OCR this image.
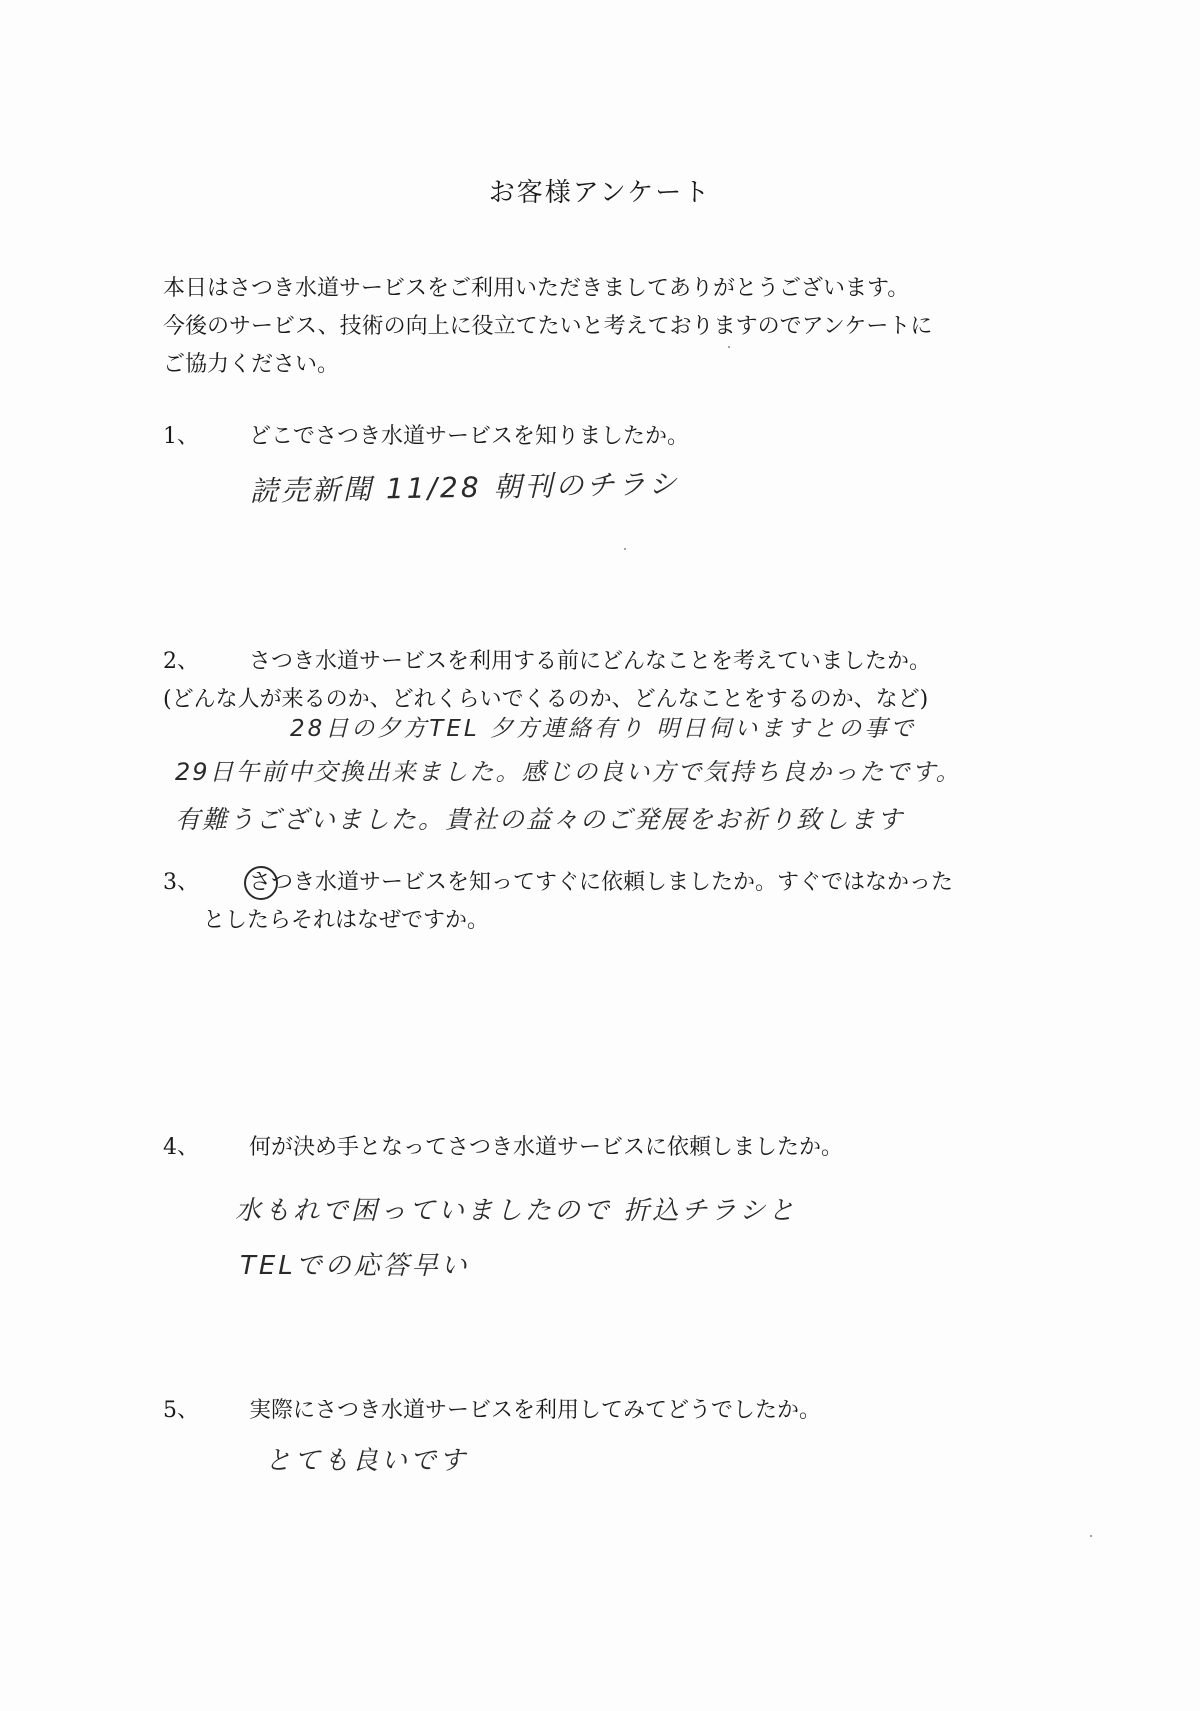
お客様アンケート
本日はさつき水道サービスをご利用いただきましてありがとうございます。
今後のサービス、技術の向上に役立てたいと考えておりますのでアンケートに
ご協力ください。
1、 どこでさつき水道サービスを知りましたか。
読売新聞 11/28 朝刊のチラシ
2、 さつき水道サービスを利用する前にどんなことを考えていましたか。
(どんな人が来るのか、どれくらいでくるのか、どんなことをするのか、など)
28日の夕方TEL 夕方連絡有り 明日伺いますとの事で
29日午前中交換出来ました。感じの良い方で気持ち良かったです。
有難うございました。貴社の益々のご発展をお祈り致します
3、 さつき水道サービスを知ってすぐに依頼しましたか。すぐではなかった
としたらそれはなぜですか。
4、 何が決め手となってさつき水道サービスに依頼しましたか。
水もれで困っていましたので 折込チラシと
TELでの応答早い
5、 実際にさつき水道サービスを利用してみてどうでしたか。
とても良いです
